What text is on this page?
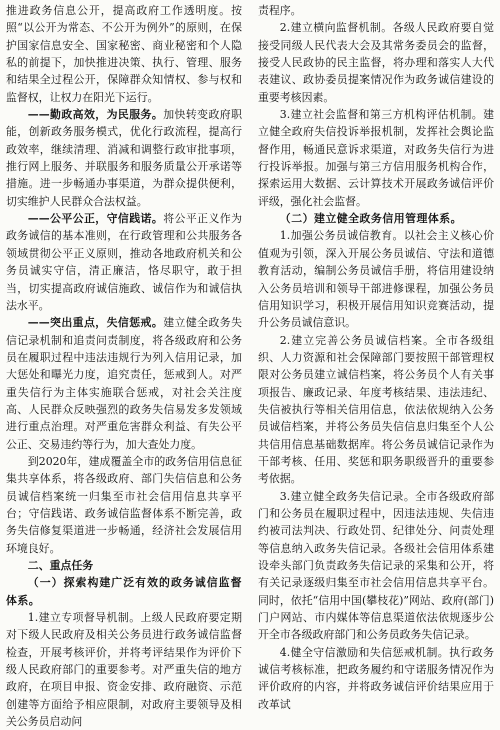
推进政务信息公开，提高政府工作透明度。按照“以公开为常态、不公开为例外”的原则，在保护国家信息安全、国家秘密、商业秘密和个人隐私的前提下，加快推进决策、执行、管理、服务和结果全过程公开，保障群众知情权、参与权和监督权，让权力在阳光下运行。

——勤政高效，为民服务。加快转变政府职能，创新政务服务模式，优化行政流程，提高行政效率，继续清理、消减和调整行政审批事项，推行网上服务、并联服务和服务质量公开承诺等措施。进一步畅通办事渠道，为群众提供便利，切实维护人民群众合法权益。

——公平公正，守信践诺。将公平正义作为政务诚信的基本准则，在行政管理和公共服务各领域贯彻公平正义原则，推动各地政府机关和公务员诚实守信，清正廉洁，恪尽职守，敢于担当，切实提高政府诚信施政、诚信作为和诚信执法水平。

——突出重点，失信惩戒。建立健全政务失信记录机制和追责问责制度，将各级政府和公务员在履职过程中违法违规行为列入信用记录，加大惩处和曝光力度，追究责任，惩戒到人。对严重失信行为主体实施联合惩戒，对社会关注度高、人民群众反映强烈的政务失信易发多发领域进行重点治理。对严重危害群众利益、有失公平公正、交易违约等行为，加大查处力度。

到2020年，建成覆盖全市的政务信用信息征集共享体系，将各级政府、部门失信信息和公务员诚信档案统一归集至市社会信用信息共享平台；守信践诺、政务诚信监督体系不断完善，政务失信修复渠道进一步畅通，经济社会发展信用环境良好。

二、重点任务

（一）探索构建广泛有效的政务诚信监督体系。

1.建立专项督导机制。上级人民政府要定期对下级人民政府及相关公务员进行政务诚信监督检查，开展考核评价，并将考评结果作为评价下级人民政府部门的重要参考。对严重失信的地方政府，在项目申报、资金安排、政府融资、示范创建等方面给予相应限制，对政府主要领导及相关公务员启动问

责程序。

2.建立横向监督机制。各级人民政府要自觉接受同级人民代表大会及其常务委员会的监督，接受人民政协的民主监督，将办理和落实人大代表建议、政协委员提案情况作为政务诚信建设的重要考核因素。

3.建立社会监督和第三方机构评估机制。建立健全政府失信投诉举报机制，发挥社会舆论监督作用，畅通民意诉求渠道，对政务失信行为进行投诉举报。加强与第三方信用服务机构合作，探索运用大数据、云计算技术开展政务诚信评价评级，强化社会监督。

（二）建立健全政务信用管理体系。

1.加强公务员诚信教育。以社会主义核心价值观为引领，深入开展公务员诚信、守法和道德教育活动，编制公务员诚信手册，将信用建设纳入公务员培训和领导干部进修课程，加强公务员信用知识学习，积极开展信用知识竞赛活动，提升公务员诚信意识。

2.建立完善公务员诚信档案。全市各级组织、人力资源和社会保障部门要按照干部管理权限对公务员建立诚信档案，将公务员个人有关事项报告、廉政记录、年度考核结果、违法违纪、失信被执行等相关信用信息，依法依规纳入公务员诚信档案，并将公务员失信信息归集至个人公共信用信息基础数据库。将公务员诚信记录作为干部考核、任用、奖惩和职务职级晋升的重要参考依据。

3.建立健全政务失信记录。全市各级政府部门和公务员在履职过程中，因违法违规、失信违约被司法判决、行政处罚、纪律处分、问责处理等信息纳入政务失信记录。各级社会信用体系建设牵头部门负责政务失信记录的采集和公开，将有关记录逐级归集至市社会信用信息共享平台。同时，依托“信用中国(攀枝花)”网站、政府(部门)门户网站、市内媒体等信息渠道依法依规逐步公开全市各级政府部门和公务员政务失信记录。

4.健全守信激励和失信惩戒机制。执行政务诚信考核标准，把政务履约和守诺服务情况作为评价政府的内容，并将政务诚信评价结果应用于改革试
